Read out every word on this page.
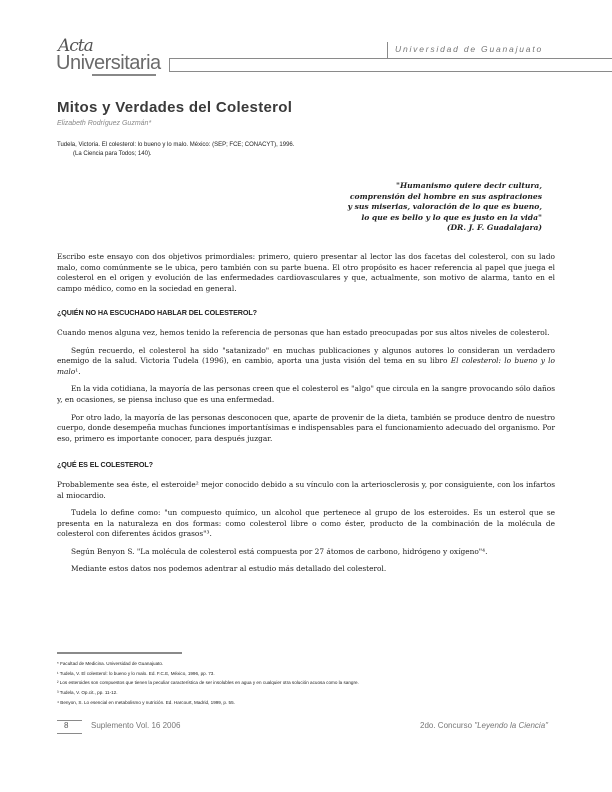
Acta
Universitaria
Universidad de Guanajuato
Mitos y Verdades del Colesterol
Elizabeth Rodríguez Guzmán*
Tudela, Victoria. El colesterol: lo bueno y lo malo. México: (SEP; FCE; CONACYT), 1996.
(La Ciencia para Todos; 140).
"Humanismo quiere decir cultura,
comprensión del hombre en sus aspiraciones
y sus miserias, valoración de lo que es bueno,
lo que es bello y lo que es justo en la vida"
(DR. J. F. Guadalajara)

Escribo este ensayo con dos objetivos primordiales: primero, quiero presentar al lector las dos facetas del colesterol, con su lado malo, como comúnmente se le ubica, pero también con su parte buena. El otro propósito es hacer referencia al papel que juega el colesterol en el origen y evolución de las enfermedades cardiovasculares y que, actualmente, son motivo de alarma, tanto en el campo médico, como en la sociedad en general.

¿QUIÉN NO HA ESCUCHADO HABLAR DEL COLESTEROL?

Cuando menos alguna vez, hemos tenido la referencia de personas que han estado preocupadas por sus altos niveles de colesterol.

Según recuerdo, el colesterol ha sido "satanizado" en muchas publicaciones y algunos autores lo consideran un verdadero enemigo de la salud. Victoria Tudela (1996), en cambio, aporta una justa visión del tema en su libro El colesterol: lo bueno y lo malo¹.

En la vida cotidiana, la mayoría de las personas creen que el colesterol es "algo" que circula en la sangre provocando sólo daños y, en ocasiones, se piensa incluso que es una enfermedad.

Por otro lado, la mayoría de las personas desconocen que, aparte de provenir de la dieta, también se produce dentro de nuestro cuerpo, donde desempeña muchas funciones importantísimas e indispensables para el funcionamiento adecuado del organismo. Por eso, primero es importante conocer, para después juzgar.

¿QUÉ ES EL COLESTEROL?

Probablemente sea éste, el esteroide² mejor conocido debido a su vínculo con la arteriosclerosis y, por consiguiente, con los infartos al miocardio.

Tudela lo define como: "un compuesto químico, un alcohol que pertenece al grupo de los esteroides. Es un esterol que se presenta en la naturaleza en dos formas: como colesterol libre o como éster, producto de la combinación de la molécula de colesterol con diferentes ácidos grasos"³.

Según Benyon S. "La molécula de colesterol está compuesta por 27 átomos de carbono, hidrógeno y oxígeno"⁴.

Mediante estos datos nos podemos adentrar al estudio más detallado del colesterol.

* Facultad de Medicina. Universidad de Guanajuato.
¹ Tudela, V. El colesterol: lo bueno y lo malo. Ed. F.C.E, México, 1996, pp. 73.
² Los esteroides son compuestos que tienen la peculiar característica de ser insolubles en agua y en cualquier otra solución acuosa como la sangre.
³ Tudela, V. Op.cit., pp. 11-12.
⁴ Benyon, S. Lo esencial en metabolismo y nutrición. Ed. Harcourt, Madrid, 1999, p. 55.
8	Suplemento Vol. 16 2006	2do. Concurso "Leyendo la Ciencia"
